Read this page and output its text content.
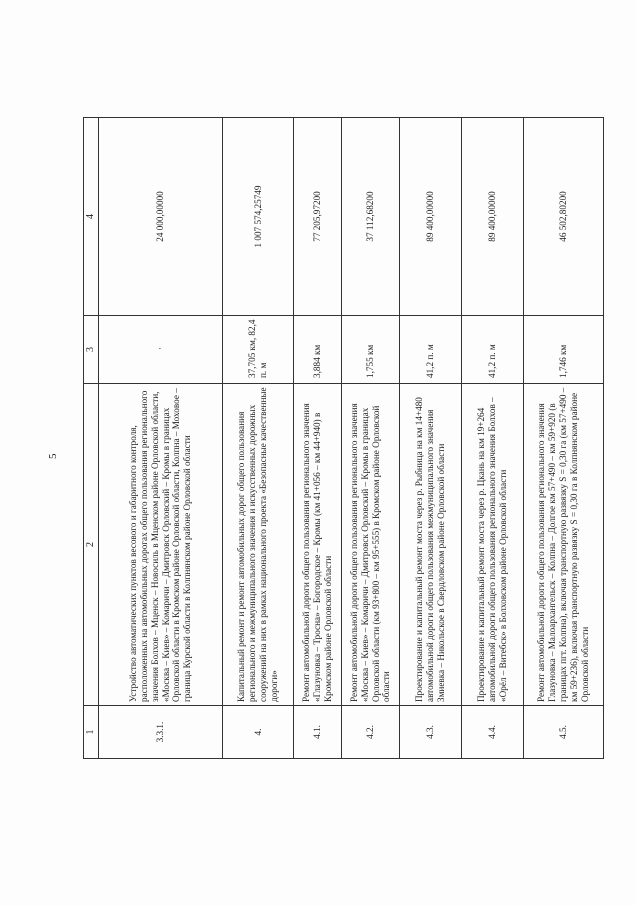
5
1	2	3	4
3.3.1.	Устройство автоматических пунктов весового и габаритного контроля, расположенных на автомобильных дорогах общего пользования регионального значения Болхов – Мценск – Новосиль в Мценском районе Орловской области, «Москва – Киев» – Комаричи – Дмитровск Орловский – Кромы в границах Орловской области в Кромском районе Орловской области, Колпна – Моховое – граница Курской области в Колпнянском районе Орловской области	·	24 000,00000
4.	Капитальный ремонт и ремонт автомобильных дорог общего пользования регионального и межмуниципального значения и искусственных дорожных сооружений на них в рамках национального проекта «Безопасные качественные дороги»	37,705 км, 82,4 п. м	1 007 574,25749
4.1.	Ремонт автомобильной дороги общего пользования регионального значения «Глазуновка – Тросна» – Богородское – Кромы (км 41+056 – км 44+940) в Кромском районе Орловской области	3,884 км	77 205,97200
4.2.	Ремонт автомобильной дороги общего пользования регионального значения «Москва – Киев» – Комаричи – Дмитровск Орловский – Кромы в границах Орловской области (км 93+800 – км 95+555) в Кромском районе Орловской области	1,755 км	37 112,68200
4.3.	Проектирование и капитальный ремонт моста через р. Рыбница на км 14+480 автомобильной дороги общего пользования межмуниципального значения Змиевка – Никольское в Свердловском районе Орловской области	41,2 п. м	89 400,00000
4.4.	Проектирование и капитальный ремонт моста через р. Цкань на км 19+264 автомобильной дороги общего пользования регионального значения Болхов – «Орёл – Витебск» в Болховском районе Орловской области	41,2 п. м	89 400,00000
4.5.	Ремонт автомобильной дороги общего пользования регионального значения Глазуновка – Малоархангельск – Колпна – Долгое км 57+490 – км 59+920 (в границах пгт. Колпна), включая транспортную развязку S = 0,30 га (км 57+490 – км 59+236), включая транспортную развязку S = 0,30 га в Колпнянском районе Орловской области	1,746 км	46 502,80200
